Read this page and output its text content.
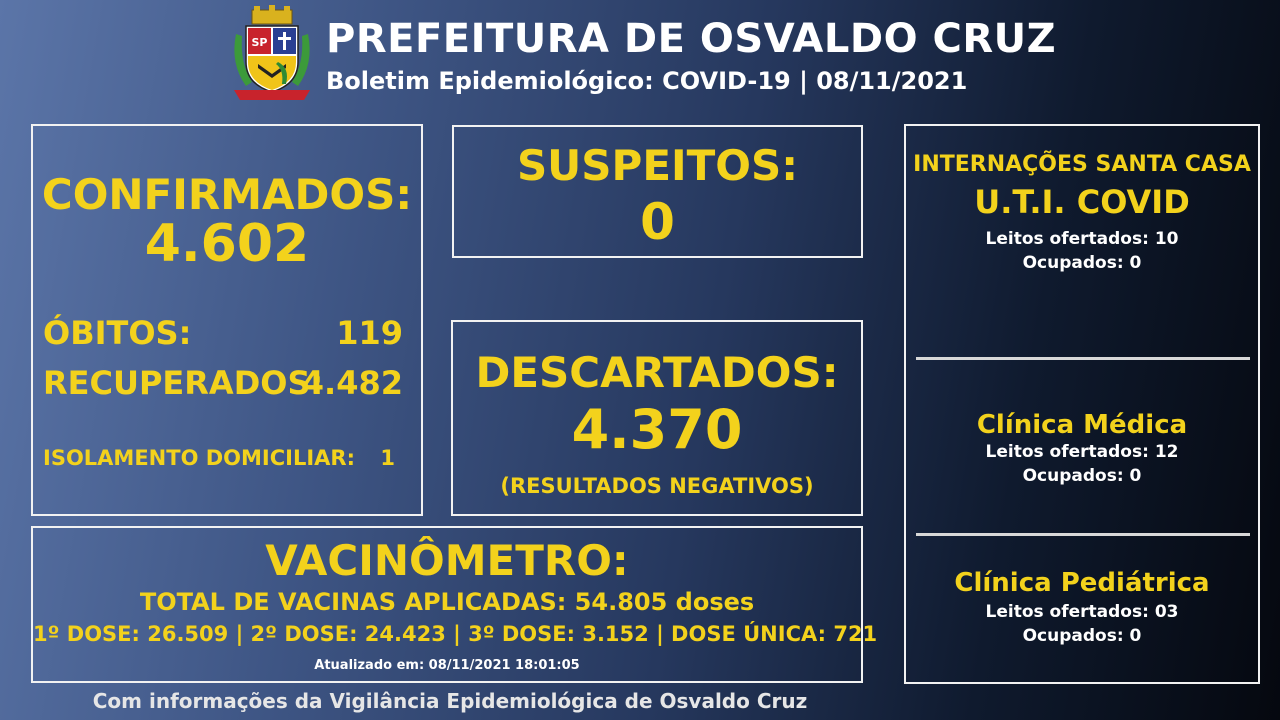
SP PREFEITURA DE OSVALDO CRUZ
Boletim Epidemiológico: COVID-19 | 08/11/2021
CONFIRMADOS:
4.602
ÓBITOS:	119
RECUPERADOS:
4.482
ISOLAMENTO DOMICILIAR: 1
SUSPEITOS:
0
DESCARTADOS:
4.370
(RESULTADOS NEGATIVOS)
VACINÔMETRO:
TOTAL DE VACINAS APLICADAS: 54.805 doses
1º DOSE: 26.509 | 2º DOSE: 24.423 | 3º DOSE: 3.152 | DOSE ÚNICA: 721
Atualizado em: 08/11/2021 18:01:05
INTERNAÇÕES SANTA CASA
U.T.I. COVID
Leitos ofertados: 10
Ocupados: 0
Clínica Médica
Leitos ofertados: 12
Ocupados: 0
Clínica Pediátrica
Leitos ofertados: 03
Ocupados: 0
Com informações da Vigilância Epidemiológica de Osvaldo Cruz
